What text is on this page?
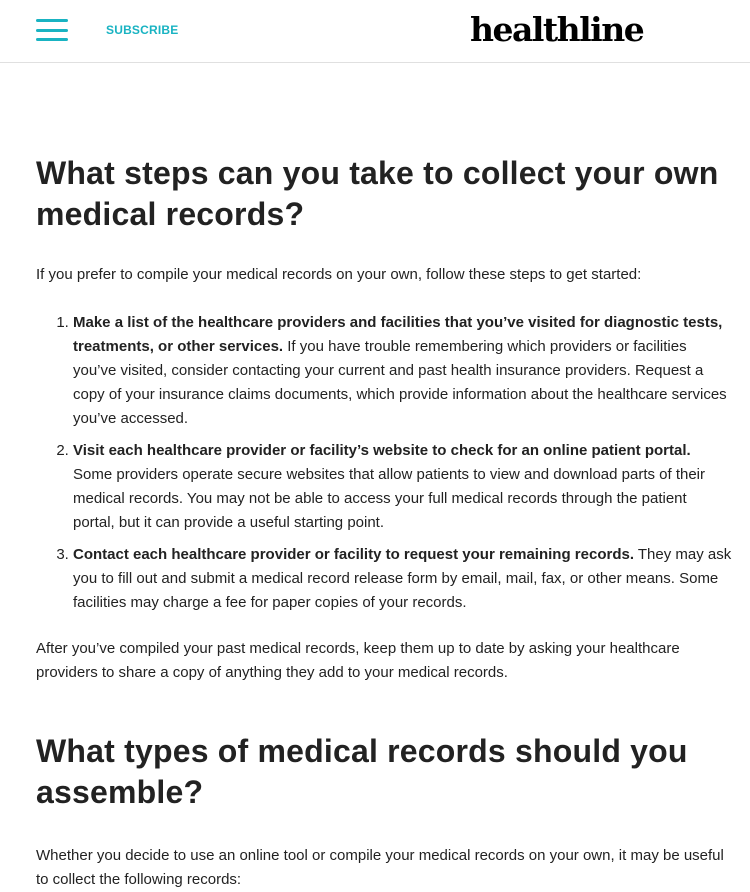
SUBSCRIBE	healthline
What steps can you take to collect your own medical records?

If you prefer to compile your medical records on your own, follow these steps to get started:

1. Make a list of the healthcare providers and facilities that you’ve visited for diagnostic tests, treatments, or other services. If you have trouble remembering which providers or facilities you’ve visited, consider contacting your current and past health insurance providers. Request a copy of your insurance claims documents, which provide information about the healthcare services you’ve accessed.
2. Visit each healthcare provider or facility’s website to check for an online patient portal. Some providers operate secure websites that allow patients to view and download parts of their medical records. You may not be able to access your full medical records through the patient portal, but it can provide a useful starting point.
3. Contact each healthcare provider or facility to request your remaining records. They may ask you to fill out and submit a medical record release form by email, mail, fax, or other means. Some facilities may charge a fee for paper copies of your records.

After you’ve compiled your past medical records, keep them up to date by asking your healthcare providers to share a copy of anything they add to your medical records.

What types of medical records should you assemble?

Whether you decide to use an online tool or compile your medical records on your own, it may be useful to collect the following records:
